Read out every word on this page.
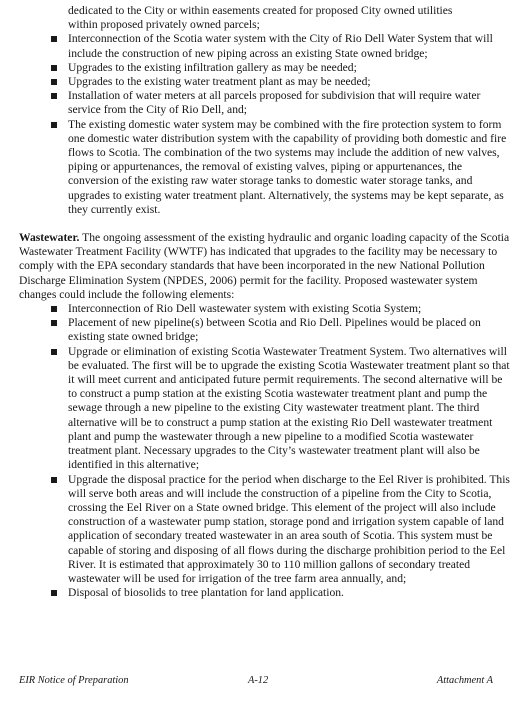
dedicated to the City or within easements created for proposed City owned utilities

within proposed privately owned parcels;

Interconnection of the Scotia water system with the City of Rio Dell Water System that will include the construction of new piping across an existing State owned bridge;
Upgrades to the existing infiltration gallery as may be needed;
Upgrades to the existing water treatment plant as may be needed;
Installation of water meters at all parcels proposed for subdivision that will require water service from the City of Rio Dell, and;
The existing domestic water system may be combined with the fire protection system to form one domestic water distribution system with the capability of providing both domestic and fire flows to Scotia. The combination of the two systems may include the addition of new valves, piping or appurtenances, the removal of existing valves, piping or appurtenances, the conversion of the existing raw water storage tanks to domestic water storage tanks, and upgrades to existing water treatment plant. Alternatively, the systems may be kept separate, as they currently exist.

Wastewater. The ongoing assessment of the existing hydraulic and organic loading capacity of the Scotia Wastewater Treatment Facility (WWTF) has indicated that upgrades to the facility may be necessary to comply with the EPA secondary standards that have been incorporated in the new National Pollution Discharge Elimination System (NPDES, 2006) permit for the facility. Proposed wastewater system changes could include the following elements:

Interconnection of Rio Dell wastewater system with existing Scotia System;
Placement of new pipeline(s) between Scotia and Rio Dell. Pipelines would be placed on existing state owned bridge;
Upgrade or elimination of existing Scotia Wastewater Treatment System. Two alternatives will be evaluated. The first will be to upgrade the existing Scotia Wastewater treatment plant so that it will meet current and anticipated future permit requirements. The second alternative will be to construct a pump station at the existing Scotia wastewater treatment plant and pump the sewage through a new pipeline to the existing City wastewater treatment plant. The third alternative will be to construct a pump station at the existing Rio Dell wastewater treatment plant and pump the wastewater through a new pipeline to a modified Scotia wastewater treatment plant. Necessary upgrades to the City’s wastewater treatment plant will also be identified in this alternative;
Upgrade the disposal practice for the period when discharge to the Eel River is prohibited. This will serve both areas and will include the construction of a pipeline from the City to Scotia, crossing the Eel River on a State owned bridge. This element of the project will also include construction of a wastewater pump station, storage pond and irrigation system capable of land application of secondary treated wastewater in an area south of Scotia. This system must be capable of storing and disposing of all flows during the discharge prohibition period to the Eel River. It is estimated that approximately 30 to 110 million gallons of secondary treated wastewater will be used for irrigation of the tree farm area annually, and;
Disposal of biosolids to tree plantation for land application.
EIR Notice of Preparation	A-12	Attachment A
